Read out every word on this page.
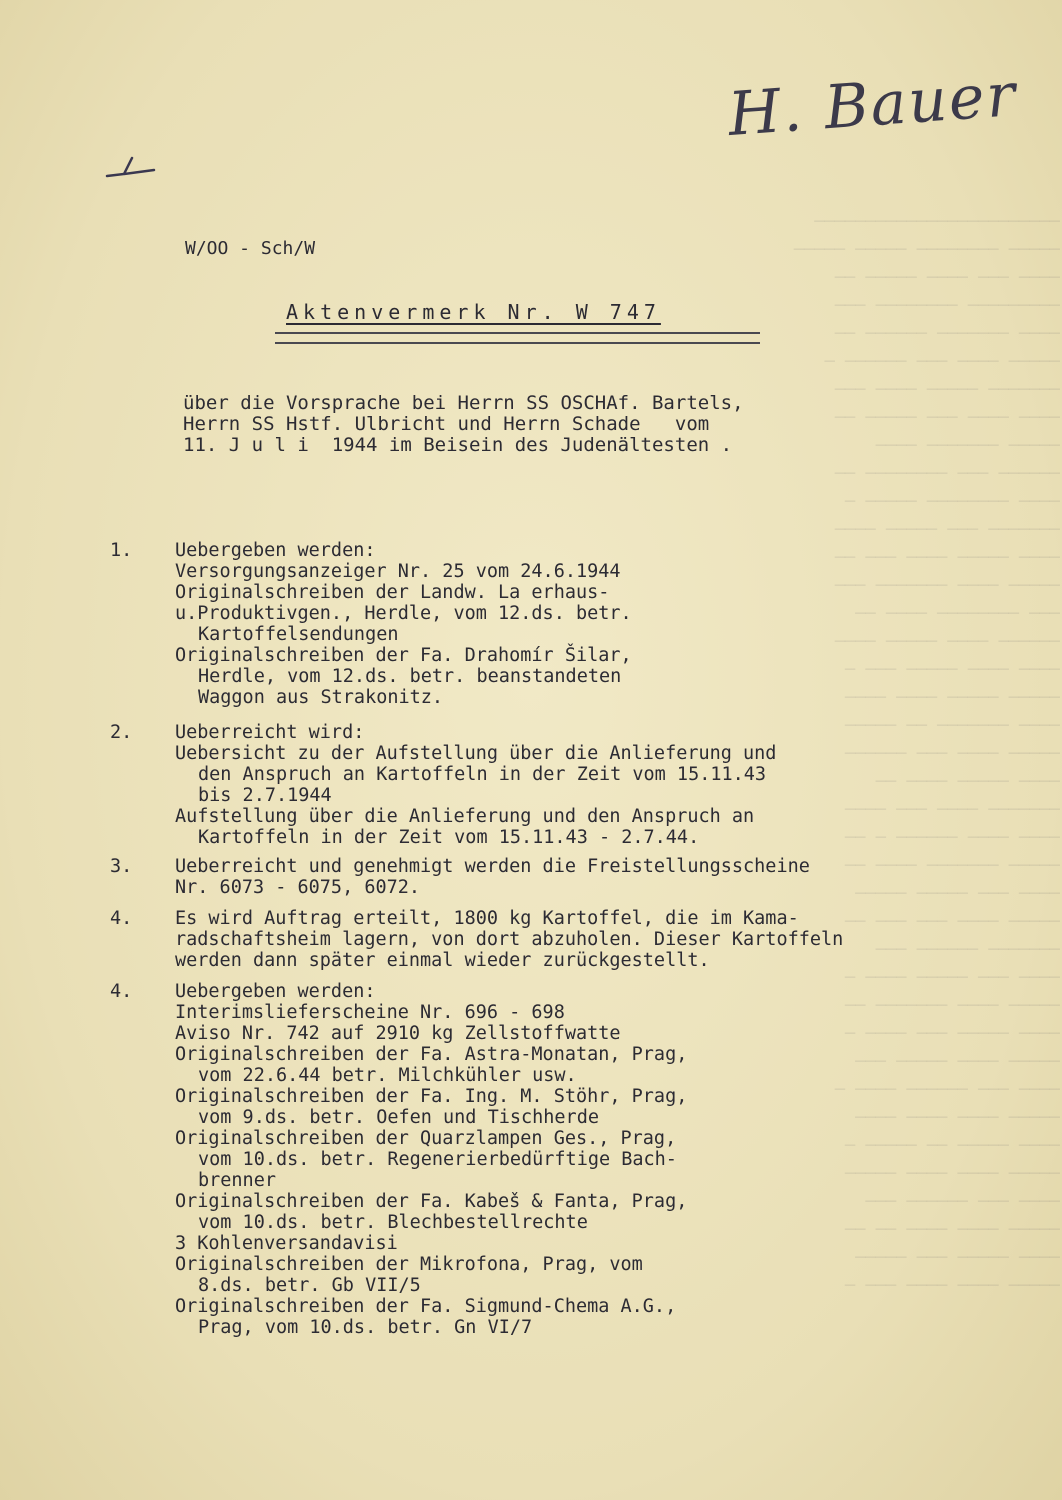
────────────────────────
───── ──────── ───── ─────
──── ─── ──── ───── ──
───────── ──────── ───
──── ─────── ────── ──
───── ──── ─── ────── ─
─────── ───── ──── ───
──── ──── ─── ───── ──
───── ─────── ────
────── ─── ──────── ──
──── ──────── ───── ─
─────── ─── ───── ────
──── ───── ──── ─── ──
───── ──── ─────── ───
─── ──────── ──── ──
────── ──── ───── ────
──── ──── ───── ─── ─
───── ───── ──── ────
──── ─────── ── ─────
───── ──── ─── ──────
──── ───── ──── ──
─────── ──── ─── ────
──── ──── ────── ─ ──
───── ─────── ──── ──
──── ─── ───── ─────
───── ──── ─── ─── ──
─────── ────── ───
──── ─── ───── ──── ─
───── ──── ─────── ──
──── ───── ─── ──── ─
───── ──── ───── ───
──── ─── ────── ──── ─
───── ──── ──── ────
──── ───── ── ───── ─
───── ──── ──── ─────
──── ─── ────── ───
───── ──── ──── ── ──
──── ───── ─── ─────
───── ──── ──── ─── ─

H. Bauer
W/OO - Sch/W
Aktenvermerk Nr. W 747
über die Vorsprache bei Herrn SS OSCHAf. Bartels,
Herrn SS Hstf. Ulbricht und Herrn Schade   vom
11. J u l i  1944 im Beisein des Judenältesten .
1.	Uebergeben werden:
Versorgungsanzeiger Nr. 25 vom 24.6.1944
Originalschreiben der Landw. La erhaus-
u.Produktivgen., Herdle, vom 12.ds. betr.
Kartoffelsendungen
Originalschreiben der Fa. Drahomír Šilar,
Herdle, vom 12.ds. betr. beanstandeten
Waggon aus Strakonitz.
2.	Ueberreicht wird:
Uebersicht zu der Aufstellung über die Anlieferung und
den Anspruch an Kartoffeln in der Zeit vom 15.11.43
bis 2.7.1944
Aufstellung über die Anlieferung und den Anspruch an
Kartoffeln in der Zeit vom 15.11.43 - 2.7.44.
3.	Ueberreicht und genehmigt werden die Freistellungsscheine
Nr. 6073 - 6075, 6072.
4.	Es wird Auftrag erteilt, 1800 kg Kartoffel, die im Kama-
radschaftsheim lagern, von dort abzuholen. Dieser Kartoffeln
werden dann später einmal wieder zurückgestellt.
4.	Uebergeben werden:
Interimslieferscheine Nr. 696 - 698
Aviso Nr. 742 auf 2910 kg Zellstoffwatte
Originalschreiben der Fa. Astra-Monatan, Prag,
vom 22.6.44 betr. Milchkühler usw.
Originalschreiben der Fa. Ing. M. Stöhr, Prag,
vom 9.ds. betr. Oefen und Tischherde
Originalschreiben der Quarzlampen Ges., Prag,
vom 10.ds. betr. Regenerierbedürftige Bach-
brenner
Originalschreiben der Fa. Kabeš & Fanta, Prag,
vom 10.ds. betr. Blechbestellrechte
3 Kohlenversandavisi
Originalschreiben der Mikrofona, Prag, vom
8.ds. betr. Gb VII/5
Originalschreiben der Fa. Sigmund-Chema A.G.,
Prag, vom 10.ds. betr. Gn VI/7
